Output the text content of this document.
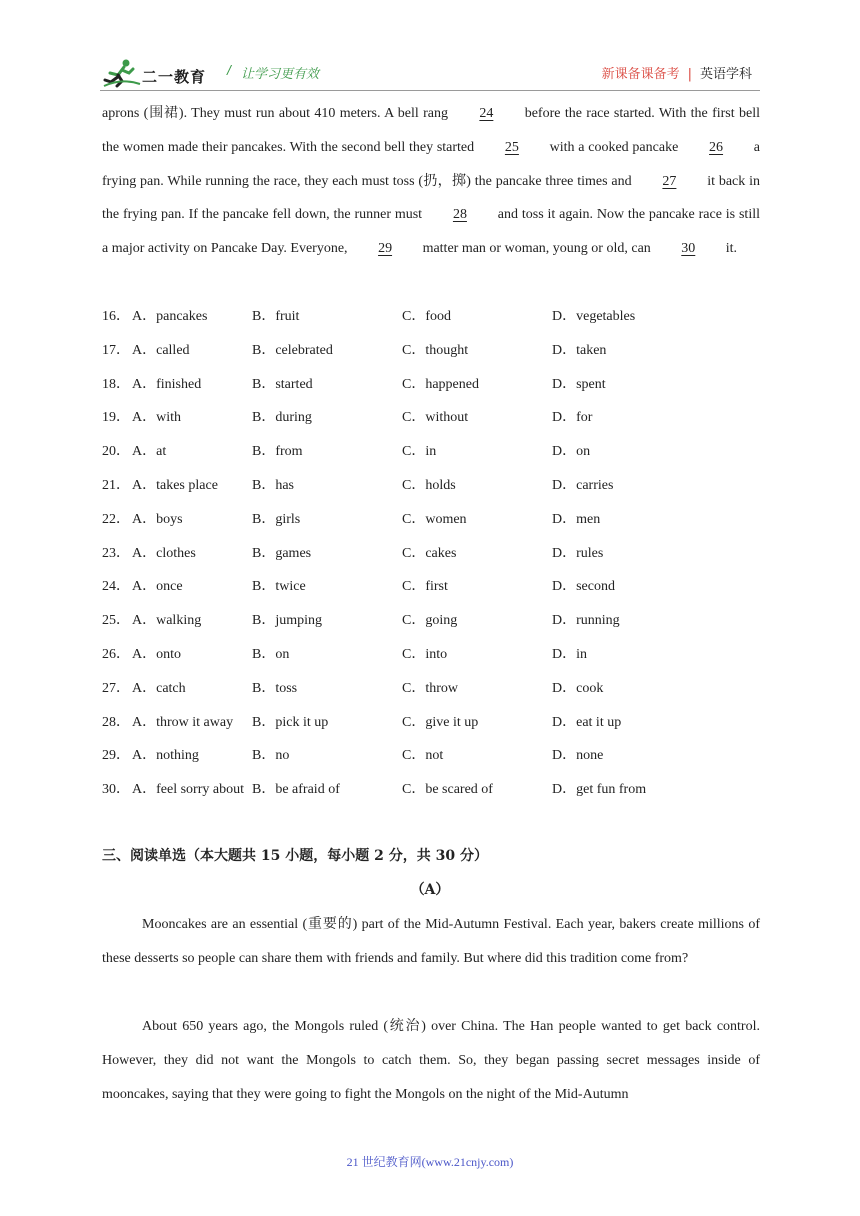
二一教育 / 让学习更有效	新课备课备考 | 英语学科
aprons (围裙). They must run about 410 meters. A bell rang 24 before the race started. With the first bell the women made their pancakes. With the second bell they started 25 with a cooked pancake 26 a frying pan. While running the race, they each must toss (扔，掷) the pancake three times and 27 it back in the frying pan. If the pancake fell down, the runner must 28 and toss it again. Now the pancake race is still a major activity on Pancake Day. Everyone, 29 matter man or woman, young or old, can 30 it.
16． A．pancakes	B．fruit	C．food	D．vegetables
17． A．called	B．celebrated	C．thought	D．taken
18． A．finished	B．started	C．happened	D．spent
19． A．with	B．during	C．without	D．for
20． A．at	B．from	C．in	D．on
21． A．takes place B．has	C．holds	D．carries
22． A．boys	B．girls	C．women	D．men
23． A．clothes	B．games	C．cakes	D．rules
24． A．once	B．twice	C．first	D．second
25． A．walking	B．jumping	C．going	D．running
26． A．onto	B．on	C．into	D．in
27． A．catch	B．toss	C．throw	D．cook
28． A．throw it away B．pick it up	C．give it up	D．eat it up
29． A．nothing	B．no	C．not	D．none
30． A．feel sorry about B．be afraid of	C．be scared of	D．get fun from
三、阅读单选（本大题共 15 小题，每小题 2 分，共 30 分）
（A）
Mooncakes are an essential (重要的) part of the Mid-Autumn Festival. Each year, bakers create millions of these desserts so people can share them with friends and family. But where did this tradition come from?
About 650 years ago, the Mongols ruled (统治) over China. The Han people wanted to get back control. However, they did not want the Mongols to catch them. So, they began passing secret messages inside of mooncakes, saying that they were going to fight the Mongols on the night of the Mid-Autumn
21 世纪教育网(www.21cnjy.com)
